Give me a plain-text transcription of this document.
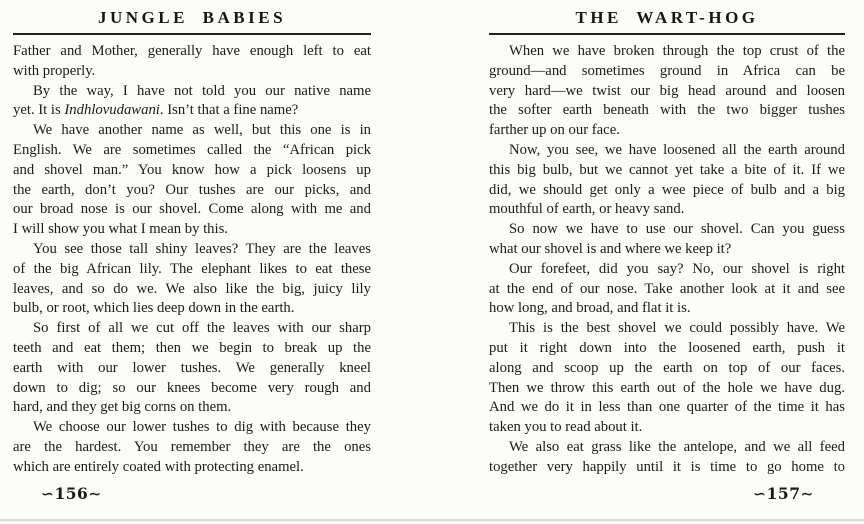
JUNGLE BABIES
Father and Mother, generally have enough left to eat
with properly.
By the way, I have not told you our native name
yet. It is Indhlovudawani. Isn’t that a fine name?
We have another name as well, but this one is in
English. We are sometimes called the “African pick
and shovel man.” You know how a pick loosens up
the earth, don’t you? Our tushes are our picks, and
our broad nose is our shovel. Come along with me and
I will show you what I mean by this.
You see those tall shiny leaves? They are the leaves
of the big African lily. The elephant likes to eat these
leaves, and so do we. We also like the big, juicy lily
bulb, or root, which lies deep down in the earth.
So first of all we cut off the leaves with our sharp
teeth and eat them; then we begin to break up the
earth with our lower tushes. We generally kneel
down to dig; so our knees become very rough and
hard, and they get big corns on them.
We choose our lower tushes to dig with because they
are the hardest. You remember they are the ones
which are entirely coated with protecting enamel.
∽156∼
THE WART-HOG
When we have broken through the top crust of the
ground—and sometimes ground in Africa can be
very hard—we twist our big head around and loosen
the softer earth beneath with the two bigger tushes
farther up on our face.
Now, you see, we have loosened all the earth around
this big bulb, but we cannot yet take a bite of it. If we
did, we should get only a wee piece of bulb and a big
mouthful of earth, or heavy sand.
So now we have to use our shovel. Can you guess
what our shovel is and where we keep it?
Our forefeet, did you say? No, our shovel is right
at the end of our nose. Take another look at it and see
how long, and broad, and flat it is.
This is the best shovel we could possibly have. We
put it right down into the loosened earth, push it
along and scoop up the earth on top of our faces.
Then we throw this earth out of the hole we have dug.
And we do it in less than one quarter of the time it has
taken you to read about it.
We also eat grass like the antelope, and we all feed
together very happily until it is time to go home to
∽157∼
